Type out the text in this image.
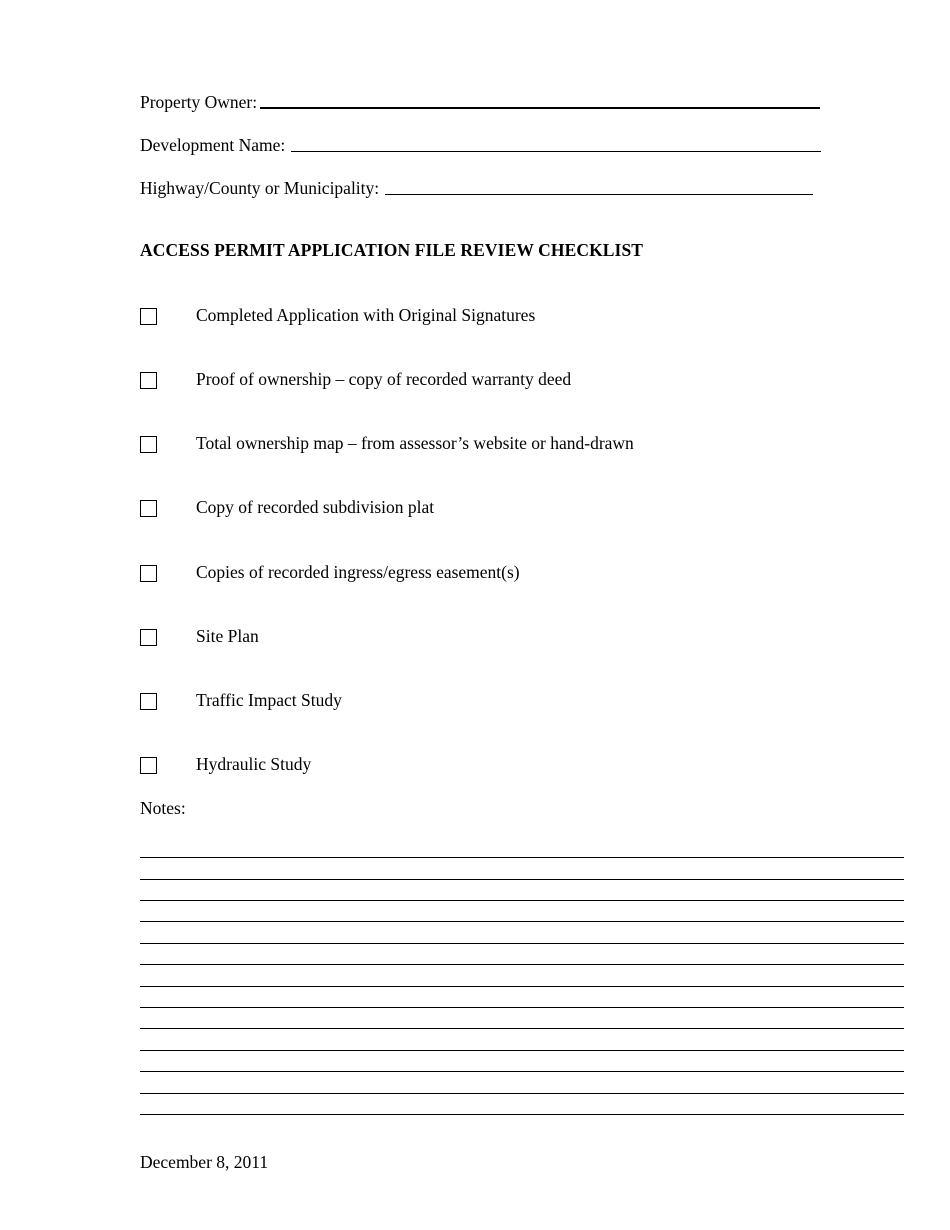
Property Owner:
Development Name:
Highway/County or Municipality:
ACCESS PERMIT APPLICATION FILE REVIEW CHECKLIST
Completed Application with Original Signatures
Proof of ownership – copy of recorded warranty deed
Total ownership map – from assessor’s website or hand-drawn
Copy of recorded subdivision plat
Copies of recorded ingress/egress easement(s)
Site Plan
Traffic Impact Study
Hydraulic Study
Notes:
December 8, 2011
